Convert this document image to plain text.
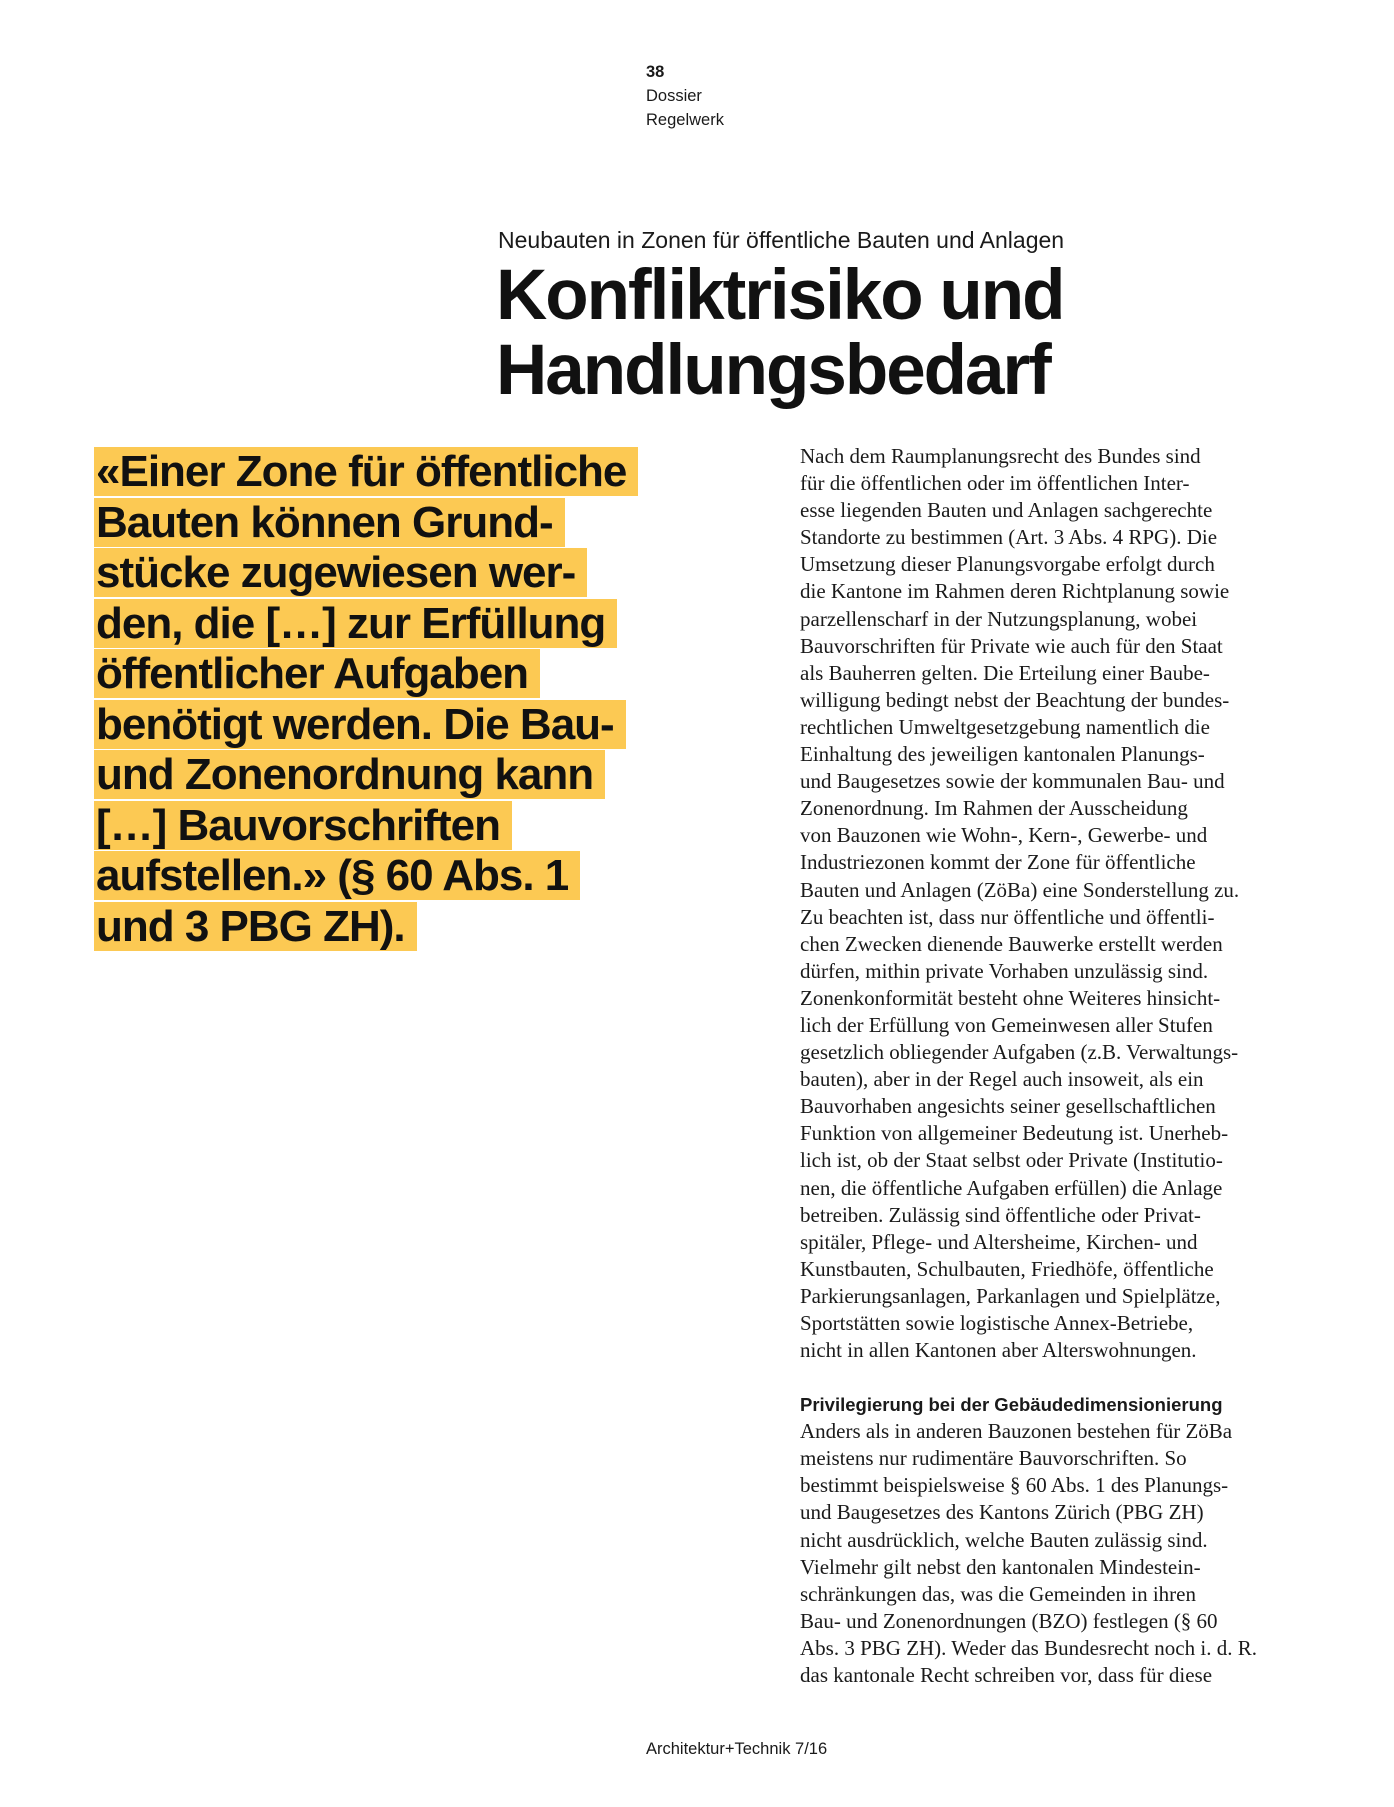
38
Dossier
Regelwerk
Neubauten in Zonen für öffentliche Bauten und Anlagen
Konfliktrisiko und
Handlungsbedarf
«Einer Zone für öffentliche
Bauten können Grund-
stücke zugewiesen wer-
den, die […] zur Erfüllung
öffentlicher Aufgaben
benötigt werden. Die Bau-
und Zonenordnung kann
[…] Bauvorschriften
aufstellen.» (§ 60 Abs. 1
und 3 PBG ZH).
Nach dem Raumplanungsrecht des Bundes sind
für die öffentlichen oder im öffentlichen Inter-
esse liegenden Bauten und Anlagen sachgerechte
Standorte zu bestimmen (Art. 3 Abs. 4 RPG). Die
Umsetzung dieser Planungsvorgabe erfolgt durch
die Kantone im Rahmen deren Richtplanung sowie
parzellenscharf in der Nutzungsplanung, wobei
Bauvorschriften für Private wie auch für den Staat
als Bauherren gelten. Die Erteilung einer Baube-
willigung bedingt nebst der Beachtung der bundes-
rechtlichen Umweltgesetzgebung namentlich die
Einhaltung des jeweiligen kantonalen Planungs-
und Baugesetzes sowie der kommunalen Bau- und
Zonenordnung. Im Rahmen der Ausscheidung
von Bauzonen wie Wohn-, Kern-, Gewerbe- und
Industriezonen kommt der Zone für öffentliche
Bauten und Anlagen (ZöBa) eine Sonderstellung zu.
Zu beachten ist, dass nur öffentliche und öffentli-
chen Zwecken dienende Bauwerke erstellt werden
dürfen, mithin private Vorhaben unzulässig sind.
Zonenkonformität besteht ohne Weiteres hinsicht-
lich der Erfüllung von Gemeinwesen aller Stufen
gesetzlich obliegender Aufgaben (z.B. Verwaltungs-
bauten), aber in der Regel auch insoweit, als ein
Bauvorhaben angesichts seiner gesellschaftlichen
Funktion von allgemeiner Bedeutung ist. Unerheb-
lich ist, ob der Staat selbst oder Private (Institutio-
nen, die öffentliche Aufgaben erfüllen) die Anlage
betreiben. Zulässig sind öffentliche oder Privat-
spitäler, Pflege- und Altersheime, Kirchen- und
Kunstbauten, Schulbauten, Friedhöfe, öffentliche
Parkierungsanlagen, Parkanlagen und Spielplätze,
Sportstätten sowie logistische Annex-Betriebe,
nicht in allen Kantonen aber Alterswohnungen.
Privilegierung bei der Gebäudedimensionierung
Anders als in anderen Bauzonen bestehen für ZöBa
meistens nur rudimentäre Bauvorschriften. So
bestimmt beispielsweise § 60 Abs. 1 des Planungs-
und Baugesetzes des Kantons Zürich (PBG ZH)
nicht ausdrücklich, welche Bauten zulässig sind.
Vielmehr gilt nebst den kantonalen Mindestein-
schränkungen das, was die Gemeinden in ihren
Bau- und Zonenordnungen (BZO) festlegen (§ 60
Abs. 3 PBG ZH). Weder das Bundesrecht noch i. d. R.
das kantonale Recht schreiben vor, dass für diese
Architektur+Technik 7/16
